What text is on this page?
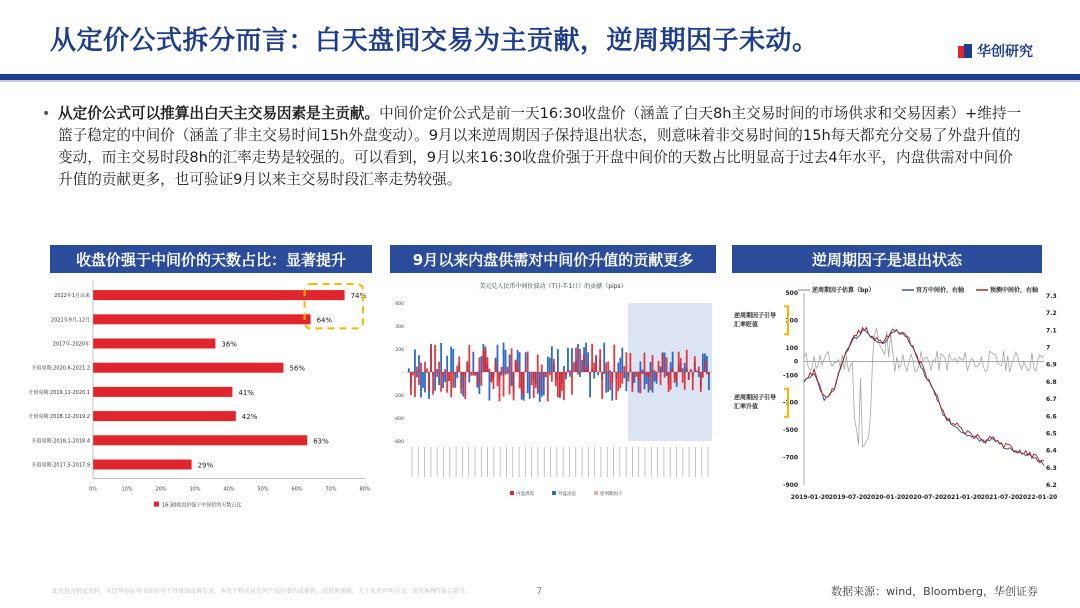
从定价公式拆分而言：白天盘间交易为主贡献，逆周期因子未动。	华创研究
• 从定价公式可以推算出白天主交易因素是主贡献。中间价定价公式是前一天16:30收盘价（涵盖了白天8h主交易时间的市场供求和交易因素）+维持一篮子稳定的中间价（涵盖了非主交易时间15h外盘变动）。9月以来逆周期因子保持退出状态，则意味着非交易时间的15h每天都充分交易了外盘升值的变动，而主交易时段8h的汇率走势是较强的。可以看到，9月以来16:30收盘价强于开盘中间价的天数占比明显高于过去4年水平，内盘供需对中间价升值的贡献更多，也可验证9月以来主交易时段汇率走势较强。
收盘价强于中间价的天数占比：显著提升	9月以来内盘供需对中间价升值的贡献更多	逆周期因子是退出状态
2022年1月以来	74%
2021年9月-12月	64%
2017年-2020年	36%
升值周期:2020.6-2021.2	56%
升值周期:2019.11-2020.1	41%
升值周期:2018.12-2019.2	42%
升值周期:2018.1-2018.4	63%
升值周期:2017.5-2017.9	29%
0%	10%	20%	30%	40%	50%	60%	70%	80%
16:30收盘价强于中间价的天数占比
美元兑人民币中间价波动（T日-T-1日）的贡献（pips）
600
400
200
-
-200
-400
-600
内盘供需	外盘动态	逆周期因子
逆周期因子估算（bp）	官方中间价，右轴	预测中间价，右轴
500
300
100
0
-100
-300
-500
-700
-900
7.3
7.2
7.1
7
6.9
6.8
6.7
6.6
6.5
6.4
6.3
6.2
逆周期因子引导
汇率贬值
逆周期因子引导
汇率升值
2019-01-20 2019-07-20 2020-01-20 2020-07-20 2021-01-20 2021-07-20 2022-01-20
此页包含机密资料，未经华创证券书面许可不得复制或再发送。本页不构成对任何产品的要约或推荐，投资须谨慎。关于免责声明全文，请见本PPT报告部分。	7	数据来源：wind，Bloomberg，华创证券
